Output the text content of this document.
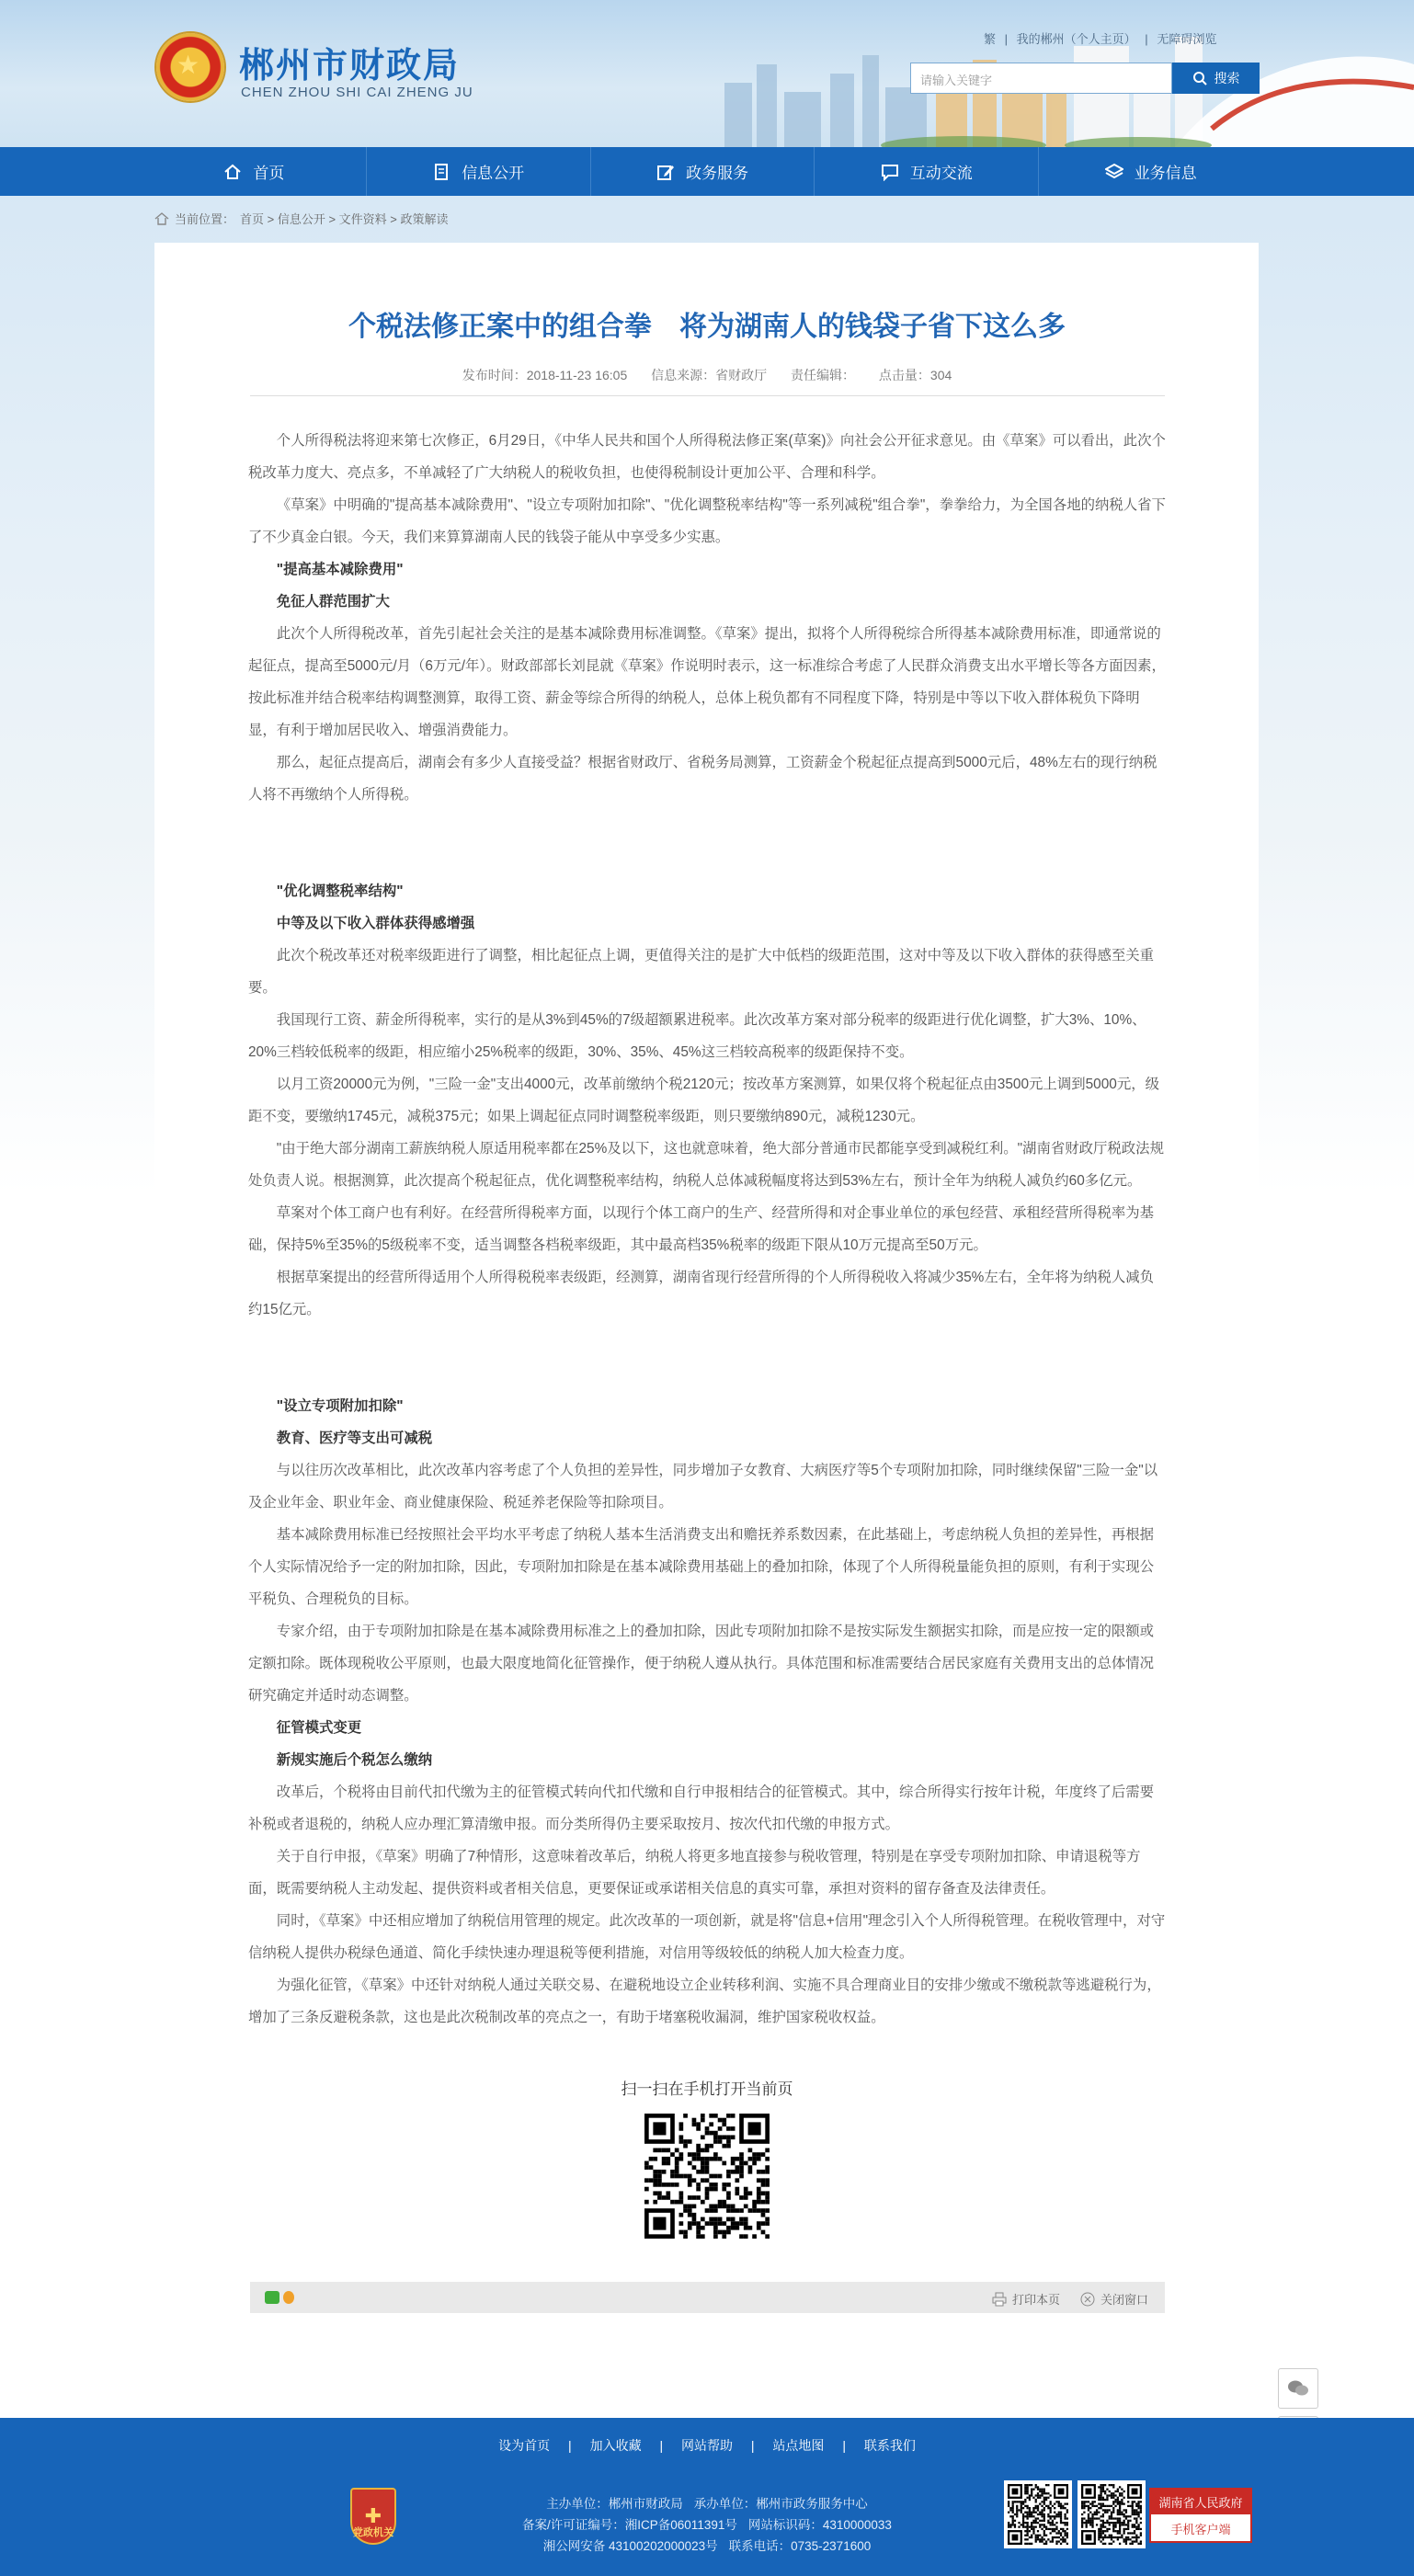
★ 郴州市财政局
CHEN ZHOU SHI CAI ZHENG JU
繁 | 我的郴州（个人主页） | 无障碍浏览
请输入关键字	搜索
首页	信息公开	政务服务	互动交流	业务信息
当前位置： 首页 > 信息公开 > 文件资料 > 政策解读
个税法修正案中的组合拳　将为湖南人的钱袋子省下这么多
发布时间：2018-11-23 16:05 信息来源：省财政厅 责任编辑： 点击量：304

个人所得税法将迎来第七次修正，6月29日，《中华人民共和国个人所得税法修正案(草案)》向社会公开征求意见。由《草案》可以看出，此次个税改革力度大、亮点多，不单减轻了广大纳税人的税收负担，也使得税制设计更加公平、合理和科学。

《草案》中明确的"提高基本减除费用"、"设立专项附加扣除"、"优化调整税率结构"等一系列减税"组合拳"，拳拳给力，为全国各地的纳税人省下了不少真金白银。今天，我们来算算湖南人民的钱袋子能从中享受多少实惠。

"提高基本减除费用"

免征人群范围扩大

此次个人所得税改革，首先引起社会关注的是基本减除费用标准调整。《草案》提出，拟将个人所得税综合所得基本减除费用标准，即通常说的起征点，提高至5000元/月（6万元/年）。财政部部长刘昆就《草案》作说明时表示，这一标准综合考虑了人民群众消费支出水平增长等各方面因素，按此标准并结合税率结构调整测算，取得工资、薪金等综合所得的纳税人，总体上税负都有不同程度下降，特别是中等以下收入群体税负下降明显，有利于增加居民收入、增强消费能力。

那么，起征点提高后，湖南会有多少人直接受益？根据省财政厅、省税务局测算，工资薪金个税起征点提高到5000元后，48%左右的现行纳税人将不再缴纳个人所得税。

"优化调整税率结构"

中等及以下收入群体获得感增强

此次个税改革还对税率级距进行了调整，相比起征点上调，更值得关注的是扩大中低档的级距范围，这对中等及以下收入群体的获得感至关重要。

我国现行工资、薪金所得税率，实行的是从3%到45%的7级超额累进税率。此次改革方案对部分税率的级距进行优化调整，扩大3%、10%、20%三档较低税率的级距，相应缩小25%税率的级距，30%、35%、45%这三档较高税率的级距保持不变。

以月工资20000元为例，"三险一金"支出4000元，改革前缴纳个税2120元；按改革方案测算，如果仅将个税起征点由3500元上调到5000元，级距不变，要缴纳1745元，减税375元；如果上调起征点同时调整税率级距，则只要缴纳890元，减税1230元。

"由于绝大部分湖南工薪族纳税人原适用税率都在25%及以下，这也就意味着，绝大部分普通市民都能享受到减税红利。"湖南省财政厅税政法规处负责人说。根据测算，此次提高个税起征点，优化调整税率结构，纳税人总体减税幅度将达到53%左右，预计全年为纳税人减负约60多亿元。

草案对个体工商户也有利好。在经营所得税率方面，以现行个体工商户的生产、经营所得和对企事业单位的承包经营、承租经营所得税率为基础，保持5%至35%的5级税率不变，适当调整各档税率级距，其中最高档35%税率的级距下限从10万元提高至50万元。

根据草案提出的经营所得适用个人所得税税率表级距，经测算，湖南省现行经营所得的个人所得税收入将减少35%左右，全年将为纳税人减负约15亿元。

"设立专项附加扣除"

教育、医疗等支出可减税

与以往历次改革相比，此次改革内容考虑了个人负担的差异性，同步增加子女教育、大病医疗等5个专项附加扣除，同时继续保留"三险一金"以及企业年金、职业年金、商业健康保险、税延养老保险等扣除项目。

基本减除费用标准已经按照社会平均水平考虑了纳税人基本生活消费支出和赡抚养系数因素，在此基础上，考虑纳税人负担的差异性，再根据个人实际情况给予一定的附加扣除，因此，专项附加扣除是在基本减除费用基础上的叠加扣除，体现了个人所得税量能负担的原则，有利于实现公平税负、合理税负的目标。

专家介绍，由于专项附加扣除是在基本减除费用标准之上的叠加扣除，因此专项附加扣除不是按实际发生额据实扣除，而是应按一定的限额或定额扣除。既体现税收公平原则，也最大限度地简化征管操作，便于纳税人遵从执行。具体范围和标准需要结合居民家庭有关费用支出的总体情况研究确定并适时动态调整。

征管模式变更

新规实施后个税怎么缴纳

改革后，个税将由目前代扣代缴为主的征管模式转向代扣代缴和自行申报相结合的征管模式。其中，综合所得实行按年计税，年度终了后需要补税或者退税的，纳税人应办理汇算清缴申报。而分类所得仍主要采取按月、按次代扣代缴的申报方式。

关于自行申报，《草案》明确了7种情形，这意味着改革后，纳税人将更多地直接参与税收管理，特别是在享受专项附加扣除、申请退税等方面，既需要纳税人主动发起、提供资料或者相关信息，更要保证或承诺相关信息的真实可靠，承担对资料的留存备查及法律责任。

同时，《草案》中还相应增加了纳税信用管理的规定。此次改革的一项创新，就是将"信息+信用"理念引入个人所得税管理。在税收管理中，对守信纳税人提供办税绿色通道、简化手续快速办理退税等便利措施，对信用等级较低的纳税人加大检查力度。

为强化征管，《草案》中还针对纳税人通过关联交易、在避税地设立企业转移利润、实施不具合理商业目的安排少缴或不缴税款等逃避税行为，增加了三条反避税条款，这也是此次税制改革的亮点之一，有助于堵塞税收漏洞，维护国家税收权益。

扫一扫在手机打开当前页
打印本页	关闭窗口
设为首页 | 加入收藏 | 网站帮助 | 站点地图 | 联系我们
党政机关
✚
主办单位：郴州市财政局 承办单位：郴州市政务服务中心
备案/许可证编号：湘ICP备06011391号 网站标识码：4310000033
湘公网安备 43100202000023号 联系电话：0735-2371600
湖南省人民政府
手机客户端
